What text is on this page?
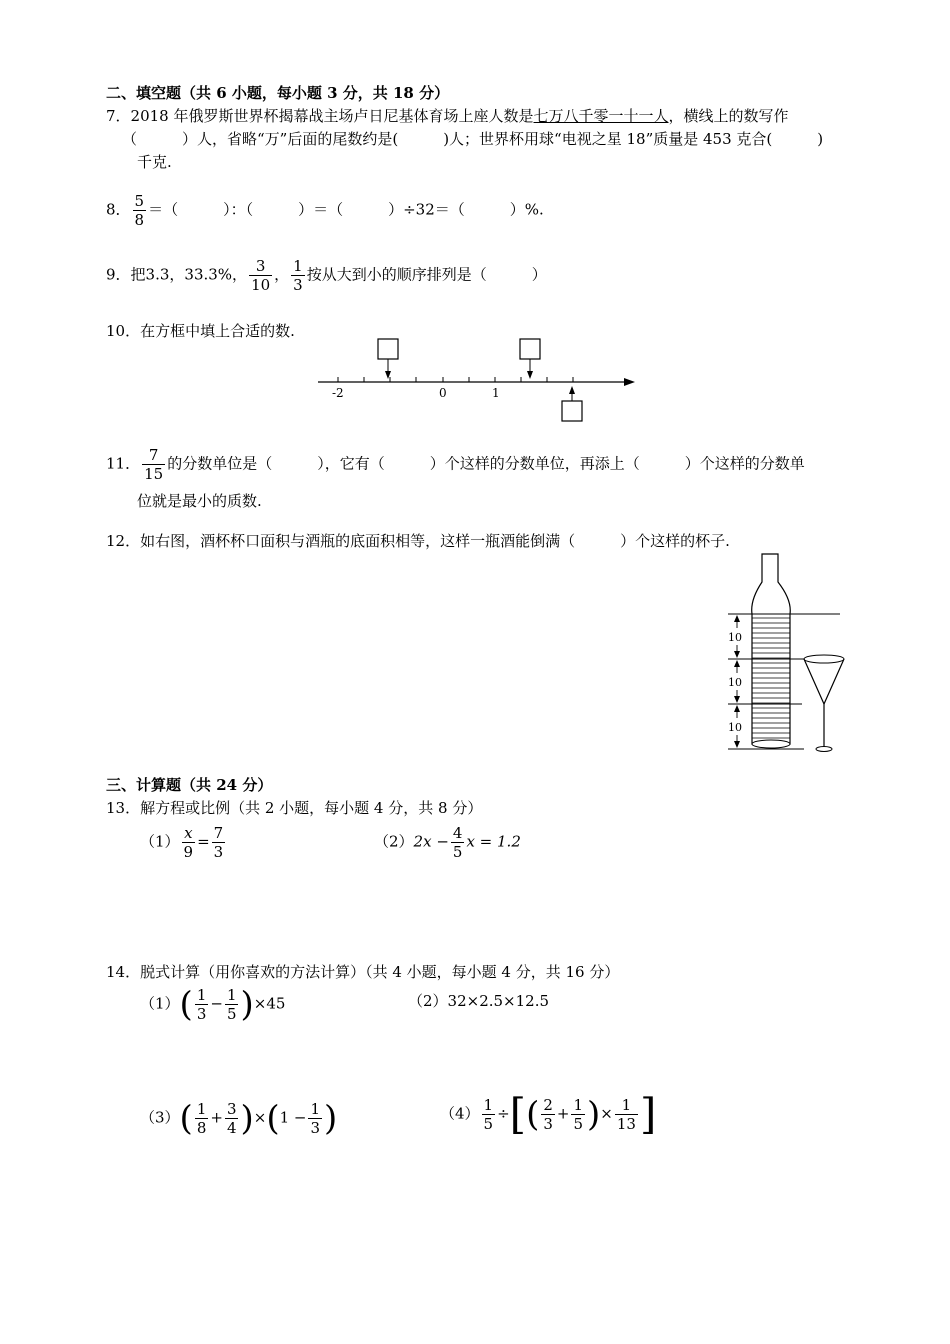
二、填空题（共 6 小题，每小题 3 分，共 18 分）
7．2018 年俄罗斯世界杯揭幕战主场卢日尼基体育场上座人数是七万八千零一十一人，横线上的数写作
（　　　）人，省略“万”后面的尾数约是(　　　)人；世界杯用球“电视之星 18”质量是 453 克合(　　　)
千克.
8． $\frac{5}{8}$ ＝（　　　）：（　　　）＝（　　　）÷32＝（　　　）%.
9．把3.3，33.3%， $\frac{3}{10}$ ， $\frac{1}{3}$ 按从大到小的顺序排列是（　　　）
10．在方框中填上合适的数.
-2	0	1
11． $\frac{7}{15}$ 的分数单位是（　　　），它有（　　　）个这样的分数单位，再添上（　　　）个这样的分数单
位就是最小的质数.
12．如右图，酒杯杯口面积与酒瓶的底面积相等，这样一瓶酒能倒满（　　　）个这样的杯子.
10
10
10
三、计算题（共 24 分）
13．解方程或比例（共 2 小题，每小题 4 分，共 8 分）
$(1) \frac{x}{9} = \frac{7}{3}$	$(2)2x - \frac{4}{5}$ x = 1.2
14．脱式计算（用你喜欢的方法计算）（共 4 小题，每小题 4 分，共 16 分）
$(1)( \frac{1}{3} - \frac{1}{5} )\times 45$	（2）32×2.5×12.5
$(3)( \frac{1}{8} + \frac{3}{4} )\times(1 - \frac{1}{3}$ )	$(4) \frac{1}{5}$ ÷[( $\frac{2}{3} + \frac{1}{5}$ )× $\frac{1}{13}$ ]
